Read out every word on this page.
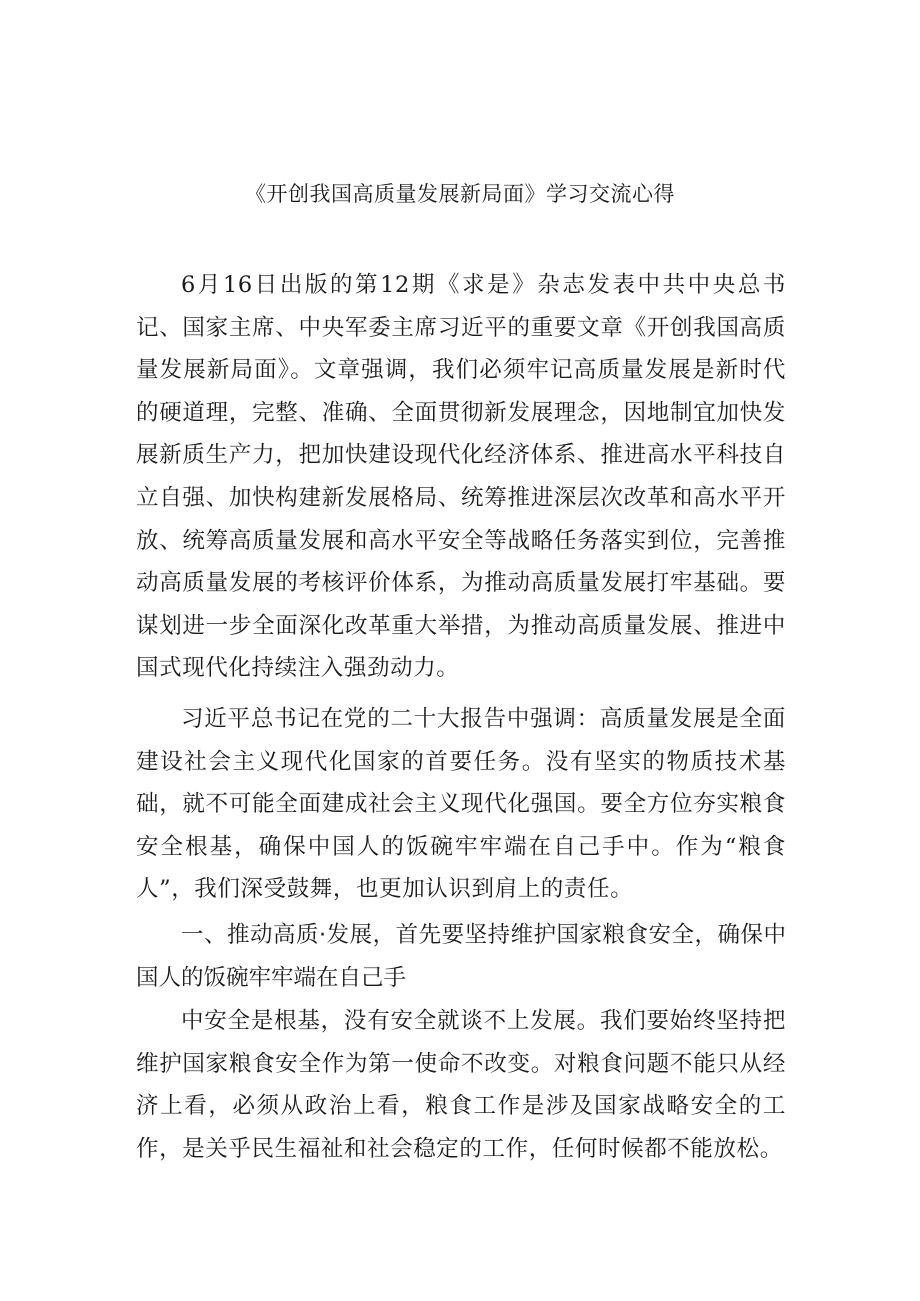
《开创我国高质量发展新局面》学习交流心得

6月16日出版的第12期《求是》杂志发表中共中央总书记、国家主席、中央军委主席习近平的重要文章《开创我国高质量发展新局面》。文章强调，我们必须牢记高质量发展是新时代的硬道理，完整、准确、全面贯彻新发展理念，因地制宜加快发展新质生产力，把加快建设现代化经济体系、推进高水平科技自立自强、加快构建新发展格局、统筹推进深层次改革和高水平开放、统筹高质量发展和高水平安全等战略任务落实到位，完善推动高质量发展的考核评价体系，为推动高质量发展打牢基础。要谋划进一步全面深化改革重大举措，为推动高质量发展、推进中国式现代化持续注入强劲动力。

习近平总书记在党的二十大报告中强调：高质量发展是全面建设社会主义现代化国家的首要任务。没有坚实的物质技术基础，就不可能全面建成社会主义现代化强国。要全方位夯实粮食安全根基，确保中国人的饭碗牢牢端在自己手中。作为“粮食人”，我们深受鼓舞，也更加认识到肩上的责任。

一、推动高质·发展，首先要坚持维护国家粮食安全，确保中国人的饭碗牢牢端在自己手

中安全是根基，没有安全就谈不上发展。我们要始终坚持把维护国家粮食安全作为第一使命不改变。对粮食问题不能只从经济上看，必须从政治上看，粮食工作是涉及国家战略安全的工作，是关乎民生福祉和社会稳定的工作，任何时候都不能放松。
